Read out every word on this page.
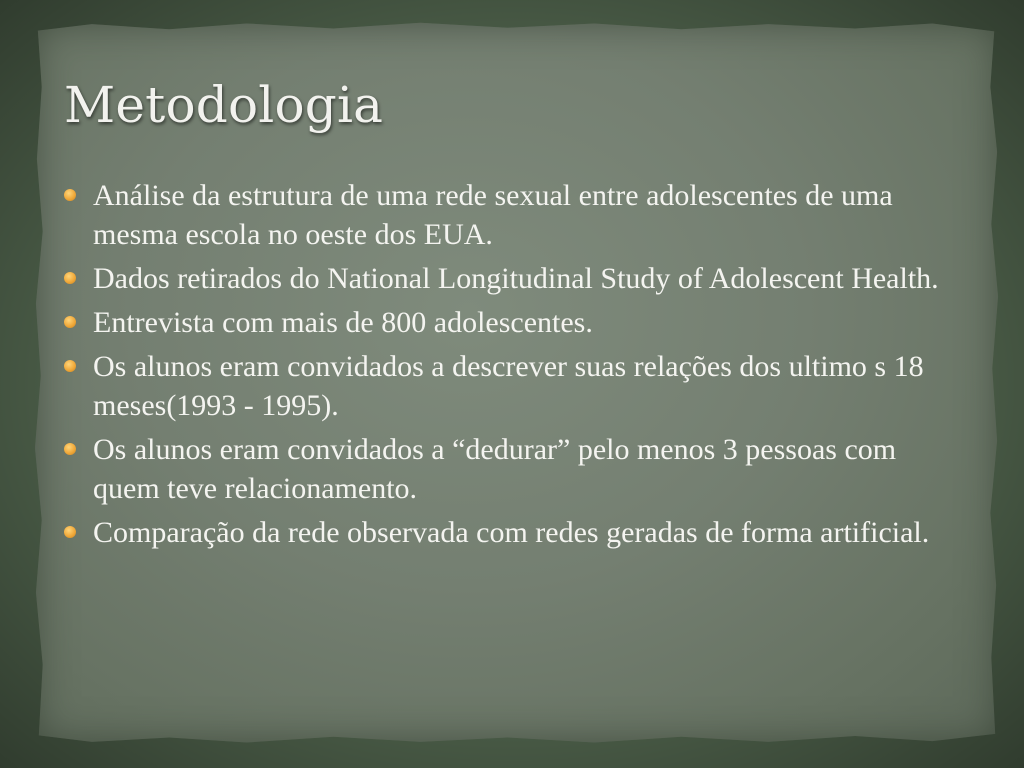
Metodologia
Análise da estrutura de uma rede sexual entre adolescentes de uma mesma escola no oeste dos EUA.
Dados retirados do National Longitudinal Study of Adolescent Health.
Entrevista com mais de 800 adolescentes.
Os alunos eram convidados a descrever suas relações dos ultimo s 18 meses(1993 - 1995).
Os alunos eram convidados a “dedurar” pelo menos 3 pessoas com quem teve relacionamento.
Comparação da rede observada com redes geradas de forma artificial.
